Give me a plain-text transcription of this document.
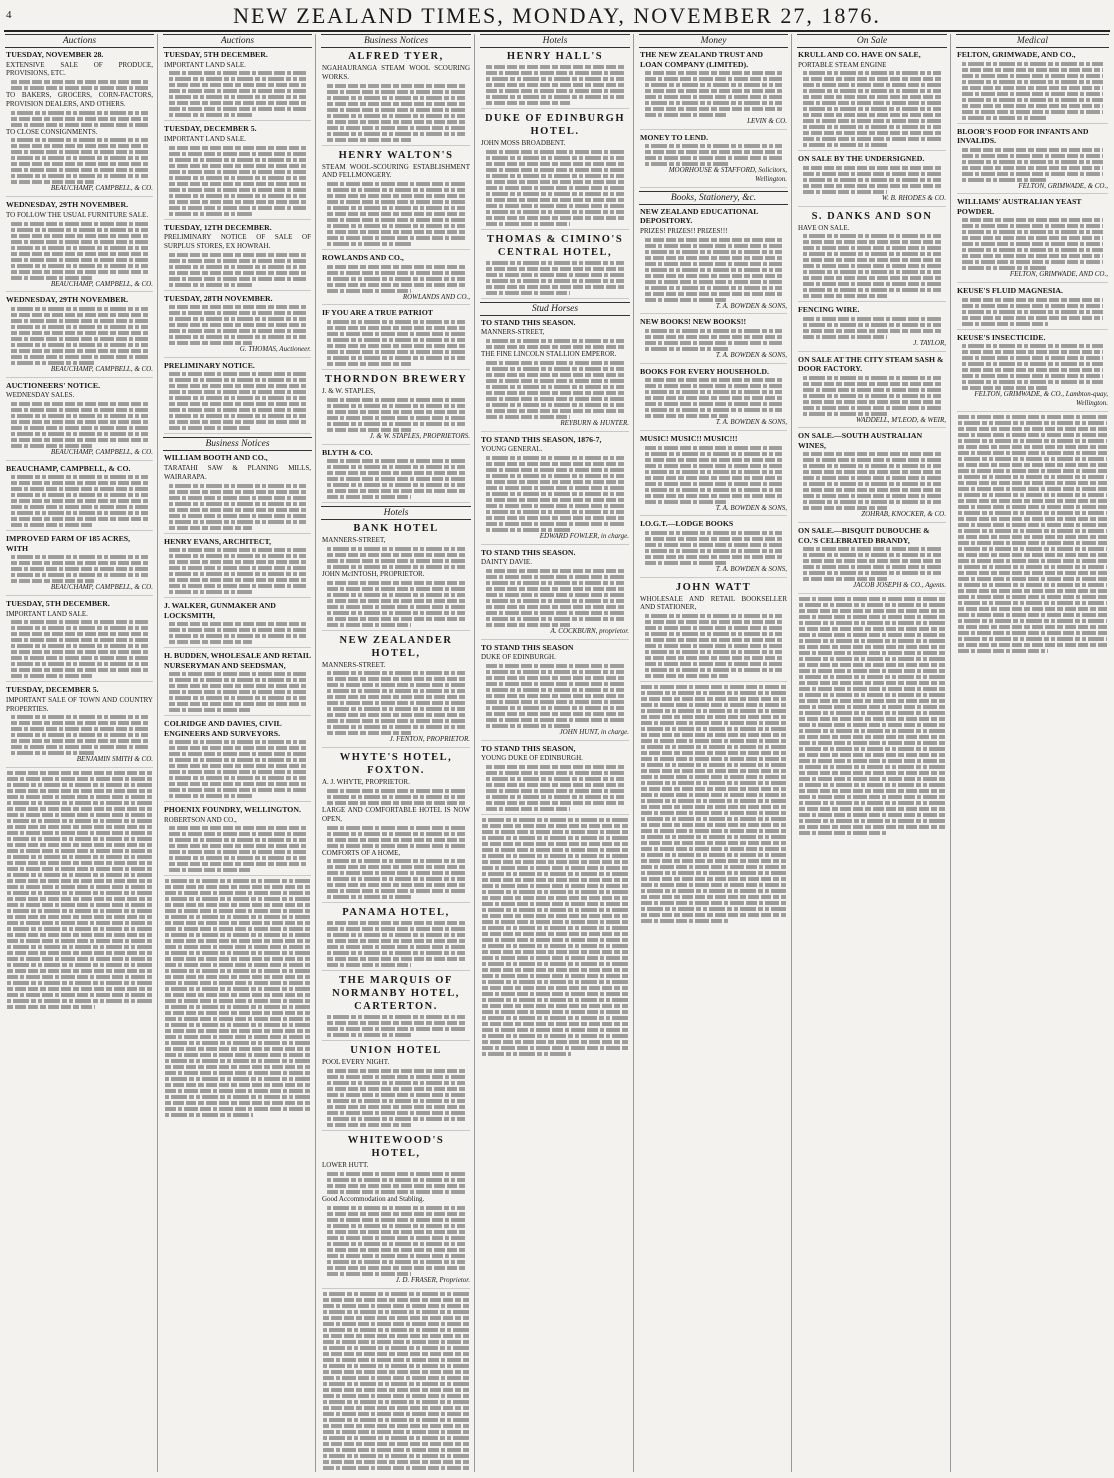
4	NEW ZEALAND TIMES, MONDAY, NOVEMBER 27, 1876.
Auctions
TUESDAY, NOVEMBER 28.
EXTENSIVE SALE OF PRODUCE, PROVISIONS, ETC.
TO BAKERS, GROCERS, CORN-FACTORS, PROVISION DEALERS, AND OTHERS.
TO CLOSE CONSIGNMENTS.
BEAUCHAMP, CAMPBELL, & CO.
WEDNESDAY, 29TH NOVEMBER.
TO FOLLOW THE USUAL FURNITURE SALE.
BEAUCHAMP, CAMPBELL, & CO.
WEDNESDAY, 29TH NOVEMBER.
BEAUCHAMP, CAMPBELL, & CO.
AUCTIONEERS' NOTICE.
WEDNESDAY SALES.
BEAUCHAMP, CAMPBELL, & CO.
BEAUCHAMP, CAMPBELL, & CO.
IMPROVED FARM OF 185 ACRES, WITH
BEAUCHAMP, CAMPBELL, & CO.
TUESDAY, 5TH DECEMBER.
IMPORTANT LAND SALE.
TUESDAY, DECEMBER 5.
IMPORTANT SALE OF TOWN AND COUNTRY PROPERTIES.
BENJAMIN SMITH & CO.
Auctions
TUESDAY, 5TH DECEMBER.
IMPORTANT LAND SALE.
TUESDAY, DECEMBER 5.
IMPORTANT LAND SALE.
TUESDAY, 12TH DECEMBER.
PRELIMINARY NOTICE OF SALE OF SURPLUS STORES, EX HOWRAH.
TUESDAY, 28TH NOVEMBER.
G. THOMAS, Auctioneer.
PRELIMINARY NOTICE.
Business Notices
WILLIAM BOOTH AND CO.,
TARATAHI SAW & PLANING MILLS, WAIRARAPA.
HENRY EVANS, ARCHITECT,
J. WALKER, GUNMAKER AND LOCKSMITH,
H. BUDDEN, WHOLESALE AND RETAIL NURSERYMAN AND SEEDSMAN,
COLRIDGE AND DAVIES, CIVIL ENGINEERS AND SURVEYORS.
PHOENIX FOUNDRY, WELLINGTON.
ROBERTSON AND CO.,
Business Notices
ALFRED TYER,
NGAHAURANGA STEAM WOOL SCOURING WORKS.
HENRY WALTON'S
STEAM WOOL-SCOURING ESTABLISHMENT AND FELLMONGERY.
ROWLANDS AND CO.,
ROWLANDS AND CO.,
IF YOU ARE A TRUE PATRIOT
THORNDON BREWERY
J. & W. STAPLES,
J. & W. STAPLES, PROPRIETORS.
BLYTH & CO.
Hotels
BANK HOTEL
MANNERS-STREET,
JOHN McINTOSH, PROPRIETOR.
NEW ZEALANDER HOTEL,
MANNERS-STREET.
J. FENTON, PROPRIETOR.
WHYTE'S HOTEL, FOXTON.
A. J. WHYTE, PROPRIETOR.
LARGE AND COMFORTABLE HOTEL IS NOW OPEN,
COMFORTS OF A HOME,
PANAMA HOTEL,
THE MARQUIS OF NORMANBY HOTEL, CARTERTON.
UNION HOTEL
POOL EVERY NIGHT.
WHITEWOOD'S HOTEL,
LOWER HUTT.
Good Accommodation and Stabling.
J. D. FRASER, Proprietor.
Hotels
HENRY HALL'S
DUKE OF EDINBURGH HOTEL.
JOHN MOSS BROADBENT.
THOMAS & CIMINO'S CENTRAL HOTEL,
Stud Horses
TO STAND THIS SEASON.
MANNERS-STREET,
THE FINE LINCOLN STALLION EMPEROR.
REYBURN & HUNTER.
TO STAND THIS SEASON, 1876-7,
YOUNG GENERAL.
EDWARD FOWLER, in charge.
TO STAND THIS SEASON.
DAINTY DAVIE.
A. COCKBURN, proprietor.
TO STAND THIS SEASON
DUKE OF EDINBURGH.
JOHN HUNT, in charge.
TO STAND THIS SEASON,
YOUNG DUKE OF EDINBURGH.
Money
THE NEW ZEALAND TRUST AND LOAN COMPANY (LIMITED).
LEVIN & CO.
MONEY TO LEND.
MOORHOUSE & STAFFORD, Solicitors, Wellington.
Books, Stationery, &c.
NEW ZEALAND EDUCATIONAL DEPOSITORY.
PRIZES! PRIZES!! PRIZES!!!
T. A. BOWDEN & SONS,
NEW BOOKS! NEW BOOKS!!
T. A. BOWDEN & SONS,
BOOKS FOR EVERY HOUSEHOLD.
T. A. BOWDEN & SONS,
MUSIC! MUSIC!! MUSIC!!!
T. A. BOWDEN & SONS,
I.O.G.T.—LODGE BOOKS
T. A. BOWDEN & SONS,
JOHN WATT
WHOLESALE AND RETAIL BOOKSELLER AND STATIONER,
On Sale
KRULL AND CO. HAVE ON SALE,
PORTABLE STEAM ENGINE
ON SALE BY THE UNDERSIGNED.
W. B. RHODES & CO.
S. DANKS AND SON
HAVE ON SALE.
FENCING WIRE.
J. TAYLOR,
ON SALE AT THE CITY STEAM SASH & DOOR FACTORY.
WADDELL, M'LEOD, & WEIR,
ON SALE.—SOUTH AUSTRALIAN WINES,
ZOHRAB, KNOCKER, & CO.
ON SALE.—BISQUIT DUBOUCHE & CO.'S CELEBRATED BRANDY,
JACOB JOSEPH & CO., Agents.
Medical
FELTON, GRIMWADE, AND CO.,
BLOOR'S FOOD FOR INFANTS AND INVALIDS.
FELTON, GRIMWADE, & CO.,
WILLIAMS' AUSTRALIAN YEAST POWDER.
FELTON, GRIMWADE, AND CO.,
KEUSE'S FLUID MAGNESIA.
KEUSE'S INSECTICIDE.
FELTON, GRIMWADE, & CO., Lambton-quay, Wellington.
